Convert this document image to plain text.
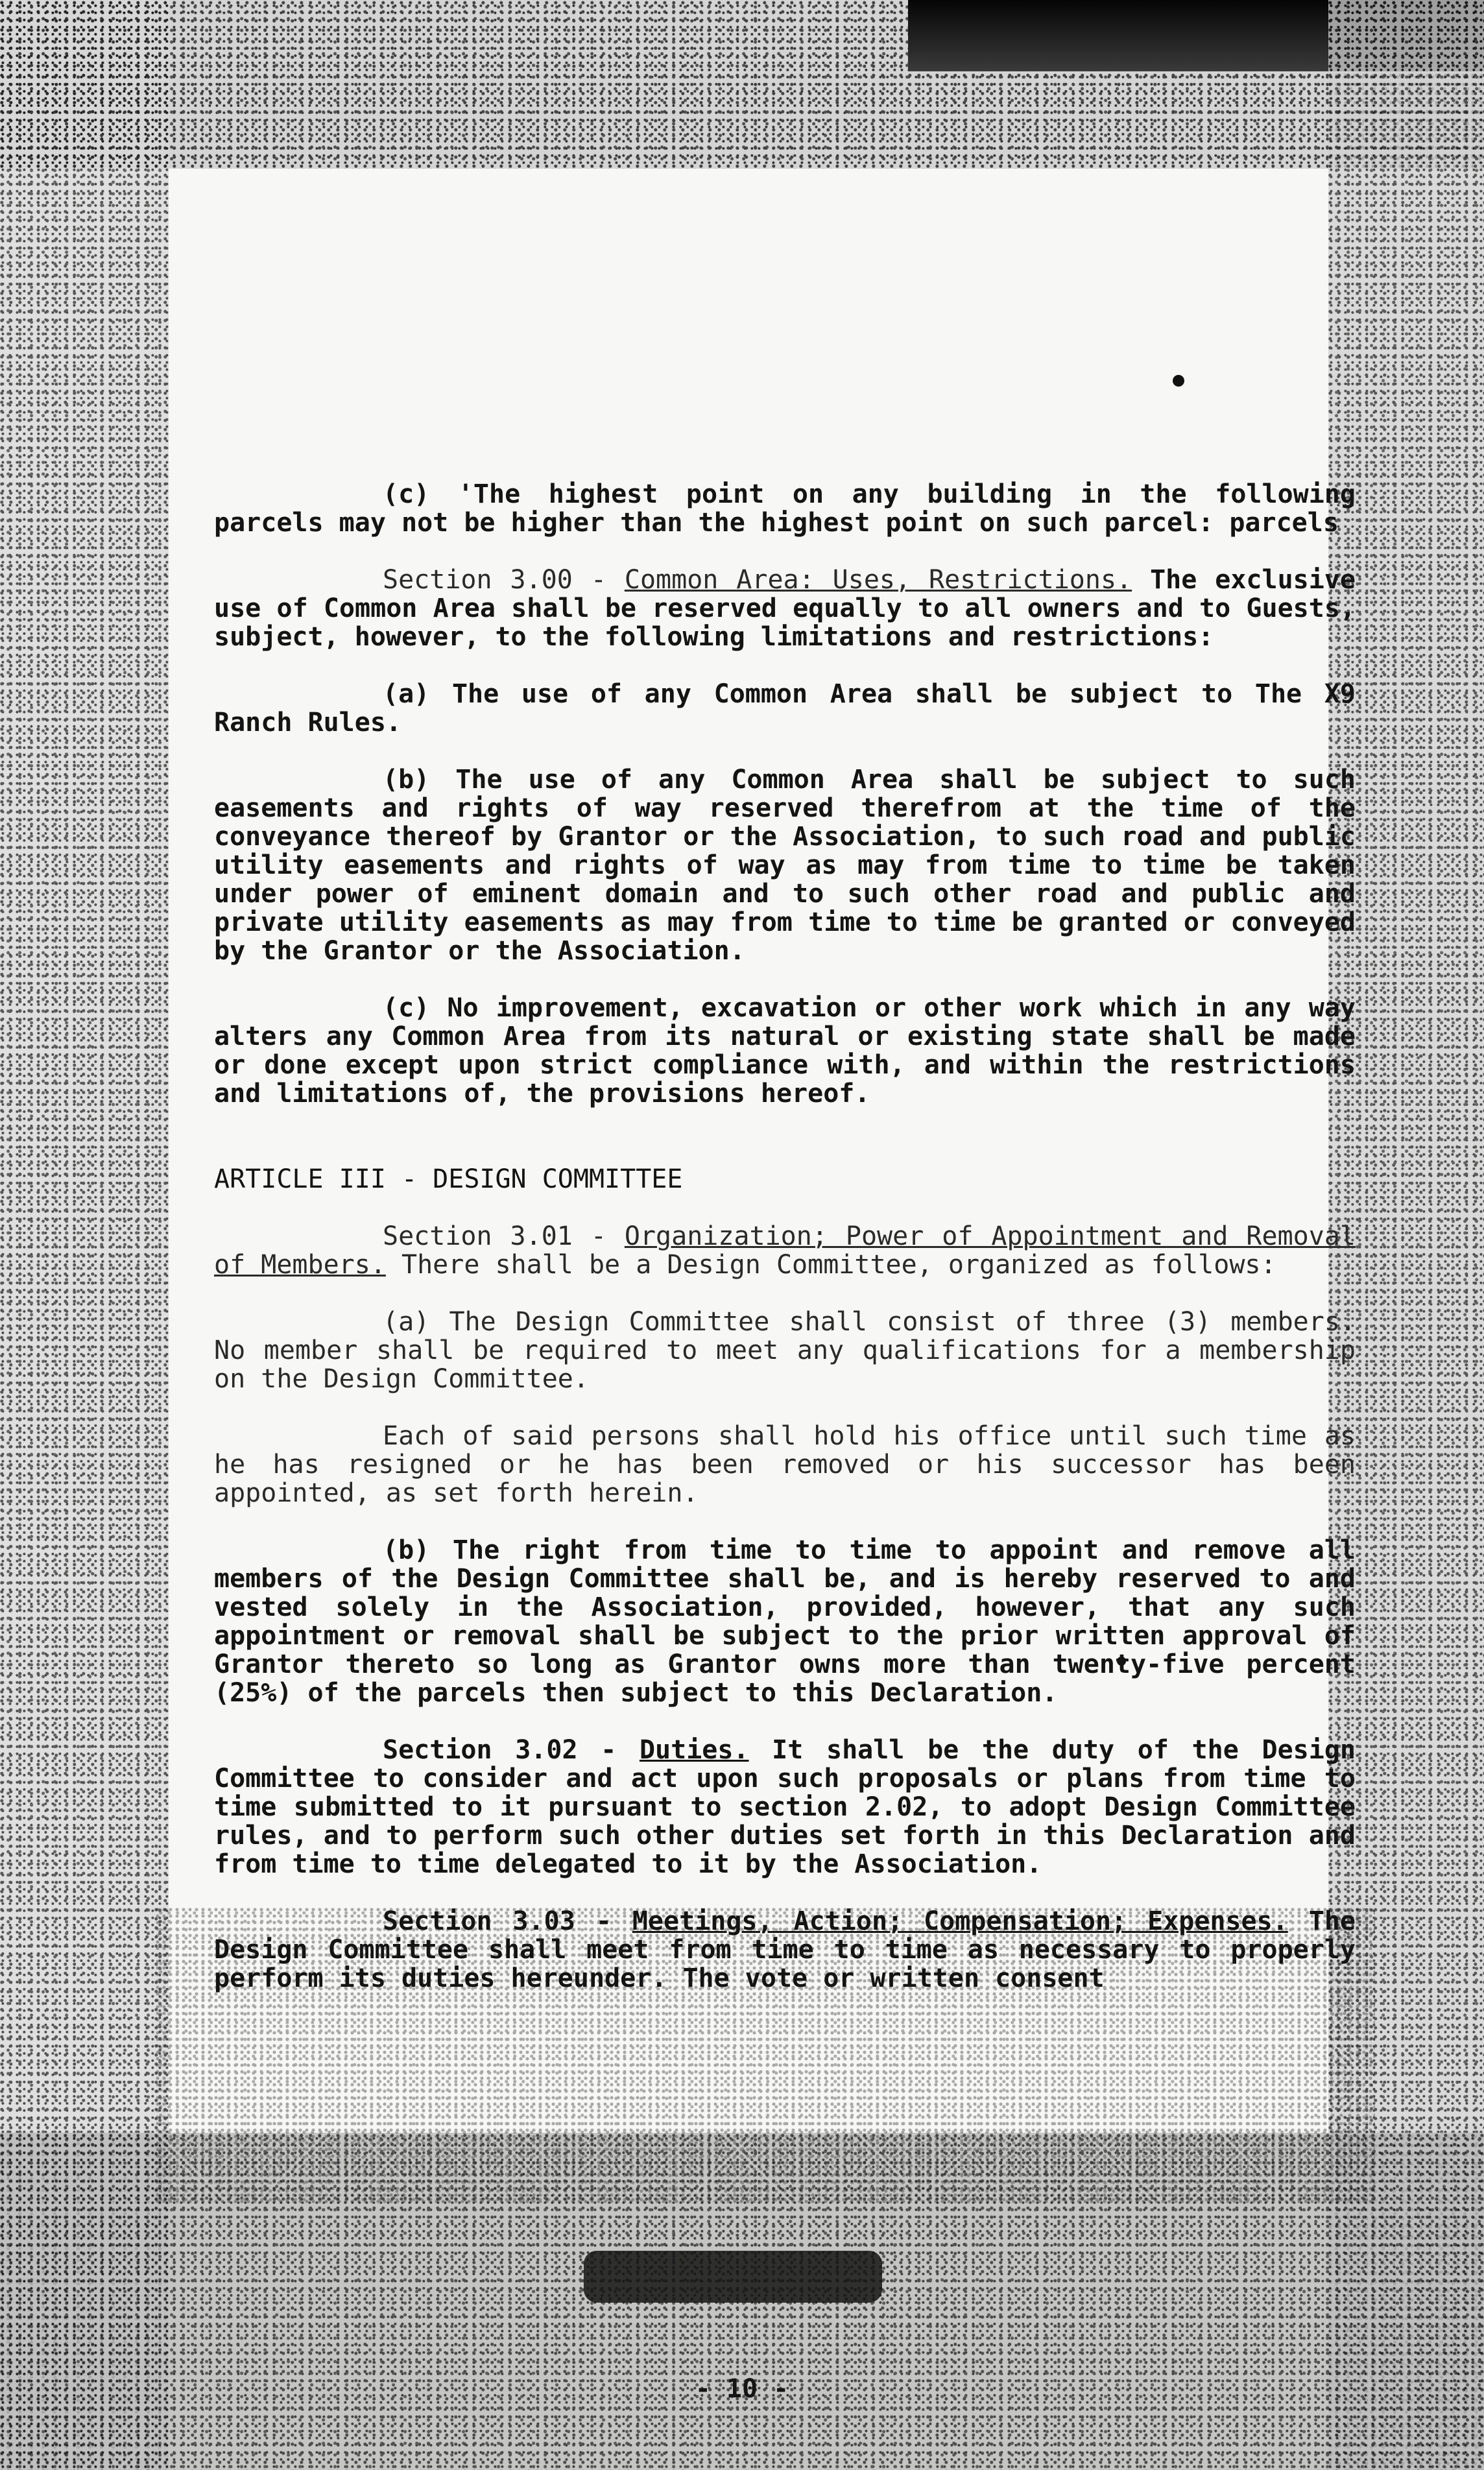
(c) 'The highest point on any building in the following parcels may not be higher than the highest point on such parcel: parcels

Section 3.00 - Common Area: Uses, Restrictions. The exclusive use of Common Area shall be reserved equally to all owners and to Guests, subject, however, to the following limitations and restrictions:

(a) The use of any Common Area shall be subject to The X9 Ranch Rules.

(b) The use of any Common Area shall be subject to such easements and rights of way reserved therefrom at the time of the conveyance thereof by Grantor or the Association, to such road and public utility easements and rights of way as may from time to time be taken under power of eminent domain and to such other road and public and private utility easements as may from time to time be granted or conveyed by the Grantor or the Association.

(c) No improvement, excavation or other work which in any way alters any Common Area from its natural or existing state shall be made or done except upon strict compliance with, and within the restrictions and limitations of, the provisions hereof.

ARTICLE III - DESIGN COMMITTEE

Section 3.01 - Organization; Power of Appointment and Removal of Members. There shall be a Design Committee, organized as follows:

(a) The Design Committee shall consist of three (3) members. No member shall be required to meet any qualifications for a membership on the Design Committee.

Each of said persons shall hold his office until such time as he has resigned or he has been removed or his successor has been appointed, as set forth herein.

(b) The right from time to time to appoint and remove all members of the Design Committee shall be, and is hereby reserved to and vested solely in the Association, provided, however, that any such appointment or removal shall be subject to the prior written approval of Grantor thereto so long as Grantor owns more than twenty-five percent (25%) of the parcels then subject to this Declaration.

Section 3.02 - Duties. It shall be the duty of the Design Committee to consider and act upon such proposals or plans from time to time submitted to it pursuant to section 2.02, to adopt Design Committee rules, and to perform such other duties set forth in this Declaration and from time to time delegated to it by the Association.

Section 3.03 - Meetings, Action; Compensation; Expenses. The Design Committee shall meet from time to time as necessary to properly perform its duties hereunder. The vote or written consent

- 10 -
